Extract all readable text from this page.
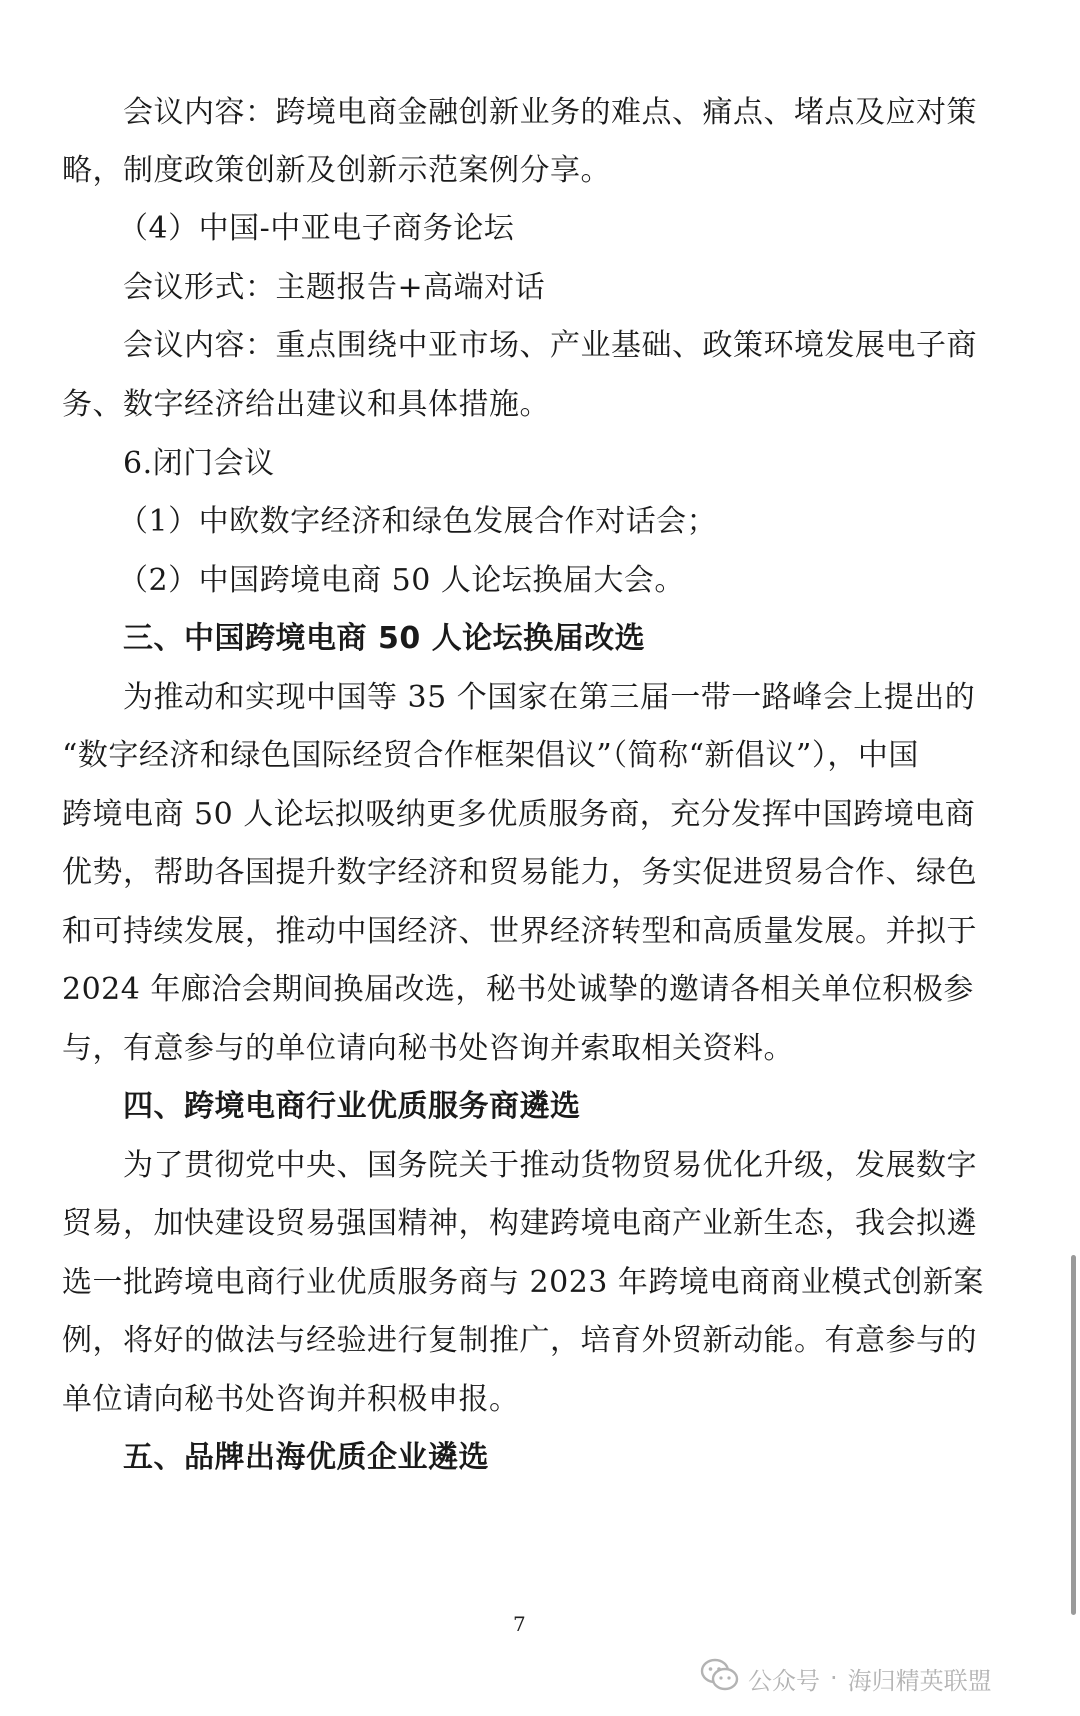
会议内容：跨境电商金融创新业务的难点、痛点、堵点及应对策
略，制度政策创新及创新示范案例分享。
（4）中国-中亚电子商务论坛
会议形式：主题报告+高端对话
会议内容：重点围绕中亚市场、产业基础、政策环境发展电子商
务、数字经济给出建议和具体措施。
6.闭门会议
（1）中欧数字经济和绿色发展合作对话会；
（2）中国跨境电商 50 人论坛换届大会。
三、中国跨境电商 50 人论坛换届改选
为推动和实现中国等 35 个国家在第三届一带一路峰会上提出的
“数字经济和绿色国际经贸合作框架倡议”（简称“新倡议”），中国
跨境电商 50 人论坛拟吸纳更多优质服务商，充分发挥中国跨境电商
优势，帮助各国提升数字经济和贸易能力，务实促进贸易合作、绿色
和可持续发展，推动中国经济、世界经济转型和高质量发展。并拟于
2024 年廊洽会期间换届改选，秘书处诚挚的邀请各相关单位积极参
与，有意参与的单位请向秘书处咨询并索取相关资料。
四、跨境电商行业优质服务商遴选
为了贯彻党中央、国务院关于推动货物贸易优化升级，发展数字
贸易，加快建设贸易强国精神，构建跨境电商产业新生态，我会拟遴
选一批跨境电商行业优质服务商与 2023 年跨境电商商业模式创新案
例，将好的做法与经验进行复制推广，培育外贸新动能。有意参与的
单位请向秘书处咨询并积极申报。
五、品牌出海优质企业遴选
7
公众号 · 海归精英联盟
